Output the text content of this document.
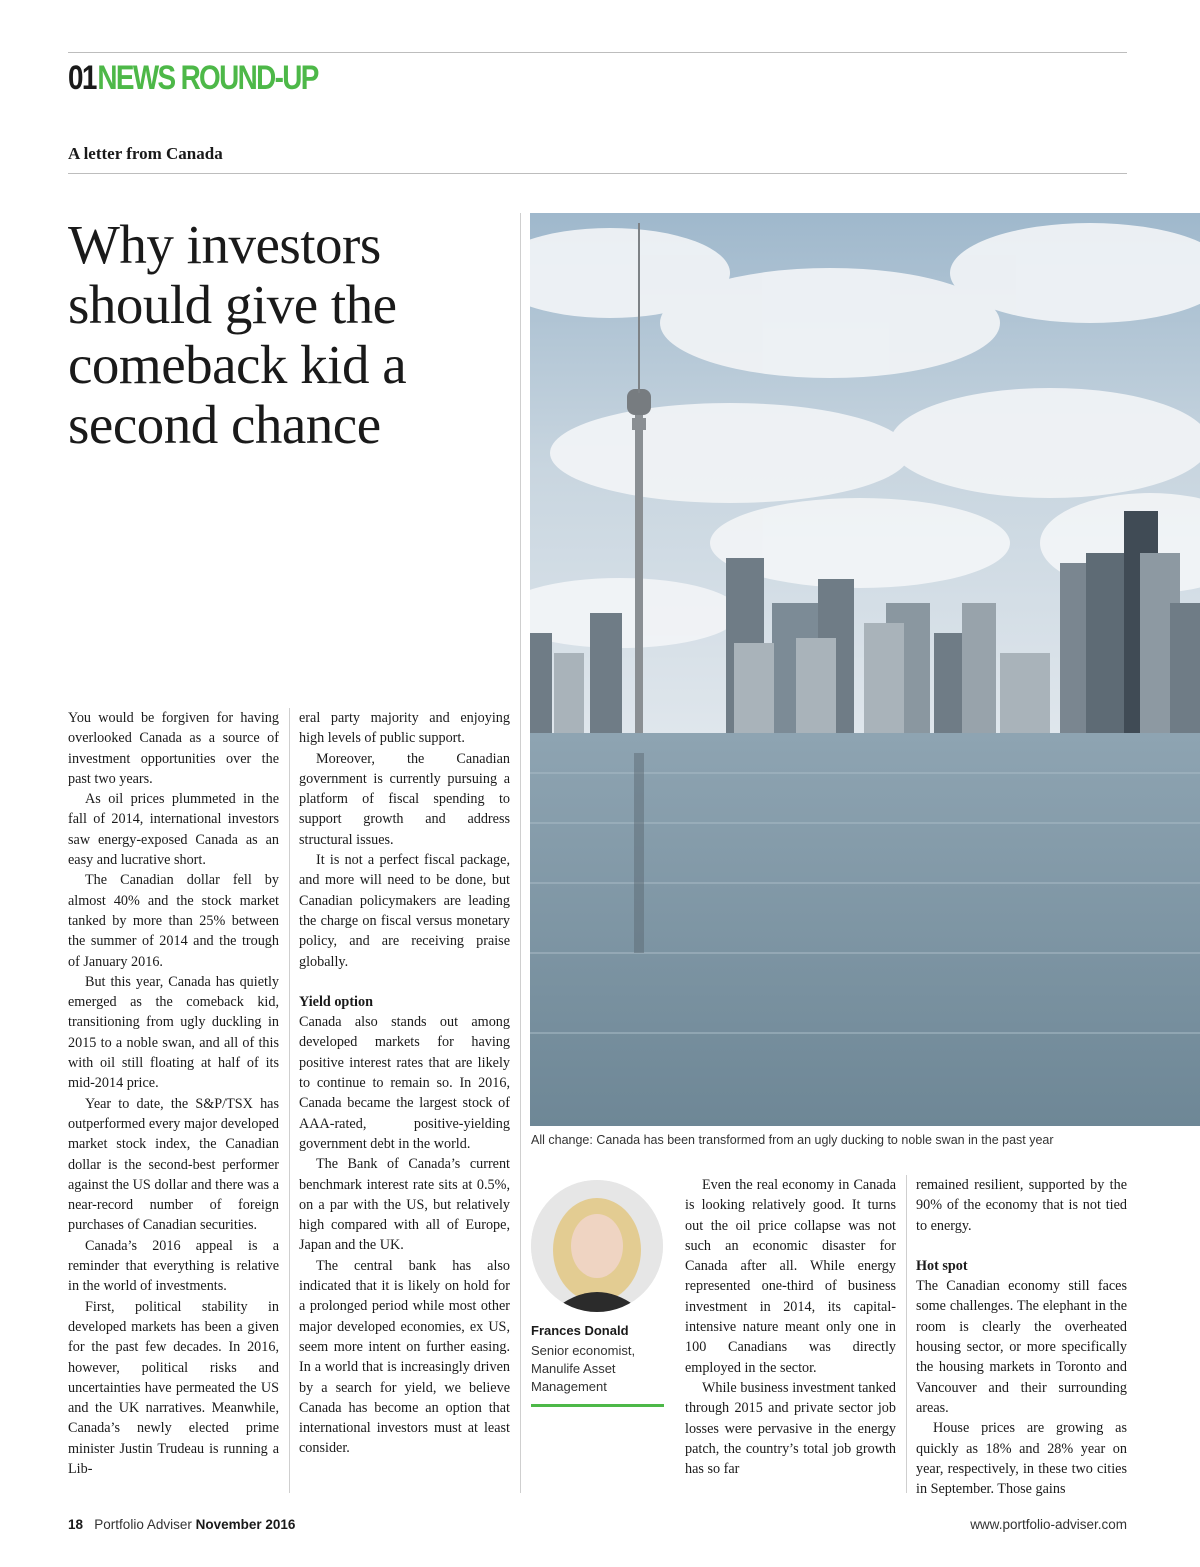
01NEWS ROUND-UP
A letter from Canada
Why investors should give the comeback kid a second chance
All change: Canada has been transformed from an ugly ducking to noble swan in the past year

You would be forgiven for having overlooked Canada as a source of investment opportunities over the past two years.

As oil prices plummeted in the fall of 2014, international investors saw energy-exposed Canada as an easy and lucrative short.

The Canadian dollar fell by almost 40% and the stock market tanked by more than 25% between the summer of 2014 and the trough of January 2016.

But this year, Canada has quietly emerged as the comeback kid, transitioning from ugly duckling in 2015 to a noble swan, and all of this with oil still floating at half of its mid-2014 price.

Year to date, the S&P/TSX has outperformed every major developed market stock index, the Canadian dollar is the second-best performer against the US dollar and there was a near-record number of foreign purchases of Canadian securities.

Canada’s 2016 appeal is a reminder that everything is relative in the world of investments.

First, political stability in developed markets has been a given for the past few decades. In 2016, however, political risks and uncertainties have permeated the US and the UK narratives. Meanwhile, Canada’s newly elected prime minister Justin Trudeau is running a Lib-

eral party majority and enjoying high levels of public support.

Moreover, the Canadian government is currently pursuing a platform of fiscal spending to support growth and address structural issues.

It is not a perfect fiscal package, and more will need to be done, but Canadian policymakers are leading the charge on fiscal versus monetary policy, and are receiving praise globally.

Yield option

Canada also stands out among developed markets for having positive interest rates that are likely to continue to remain so. In 2016, Canada became the largest stock of AAA-rated, positive-yielding government debt in the world.

The Bank of Canada’s current benchmark interest rate sits at 0.5%, on a par with the US, but relatively high compared with all of Europe, Japan and the UK.

The central bank has also indicated that it is likely on hold for a prolonged period while most other major developed economies, ex US, seem more intent on further easing. In a world that is increasingly driven by a search for yield, we believe Canada has become an option that international investors must at least consider.

Frances Donald
Senior economist, Manulife Asset Management

Even the real economy in Canada is looking relatively good. It turns out the oil price collapse was not such an economic disaster for Canada after all. While energy represented one-third of business investment in 2014, its capital-intensive nature meant only one in 100 Canadians was directly employed in the sector.

While business investment tanked through 2015 and private sector job losses were pervasive in the energy patch, the country’s total job growth has so far

remained resilient, supported by the 90% of the economy that is not tied to energy.

Hot spot

The Canadian economy still faces some challenges. The elephant in the room is clearly the overheated housing sector, or more specifically the housing markets in Toronto and Vancouver and their surrounding areas.

House prices are growing as quickly as 18% and 28% year on year, respectively, in these two cities in September. Those gains

18 Portfolio Adviser November 2016	www.portfolio-adviser.com
